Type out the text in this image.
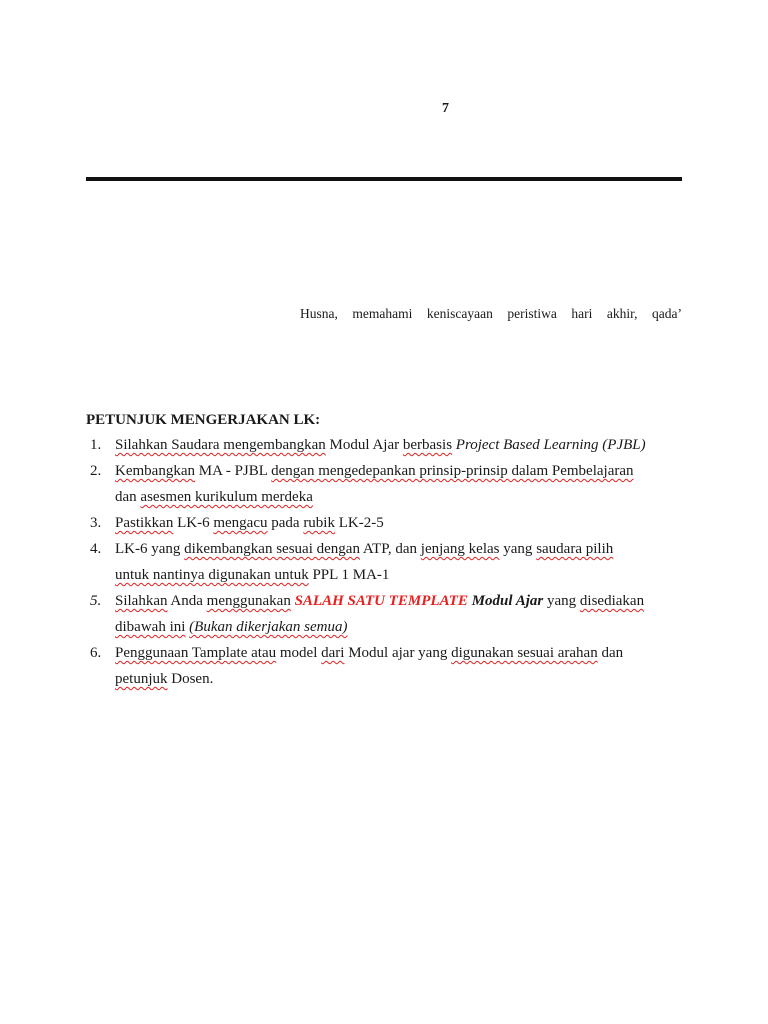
7
Husna, memahami keniscayaan peristiwa hari akhir, qada’
PETUNJUK MENGERJAKAN LK:
1. Silahkan Saudara mengembangkan Modul Ajar berbasis Project Based Learning (PJBL)
2. Kembangkan MA - PJBL dengan mengedepankan prinsip-prinsip dalam Pembelajaran
dan asesmen kurikulum merdeka
3. Pastikkan LK-6 mengacu pada rubik LK-2-5
4. LK-6 yang dikembangkan sesuai dengan ATP, dan jenjang kelas yang saudara pilih
untuk nantinya digunakan untuk PPL 1 MA-1
5. Silahkan Anda menggunakan SALAH SATU TEMPLATE Modul Ajar yang disediakan
dibawah ini (Bukan dikerjakan semua)
6. Penggunaan Tamplate atau model dari Modul ajar yang digunakan sesuai arahan dan
petunjuk Dosen.
